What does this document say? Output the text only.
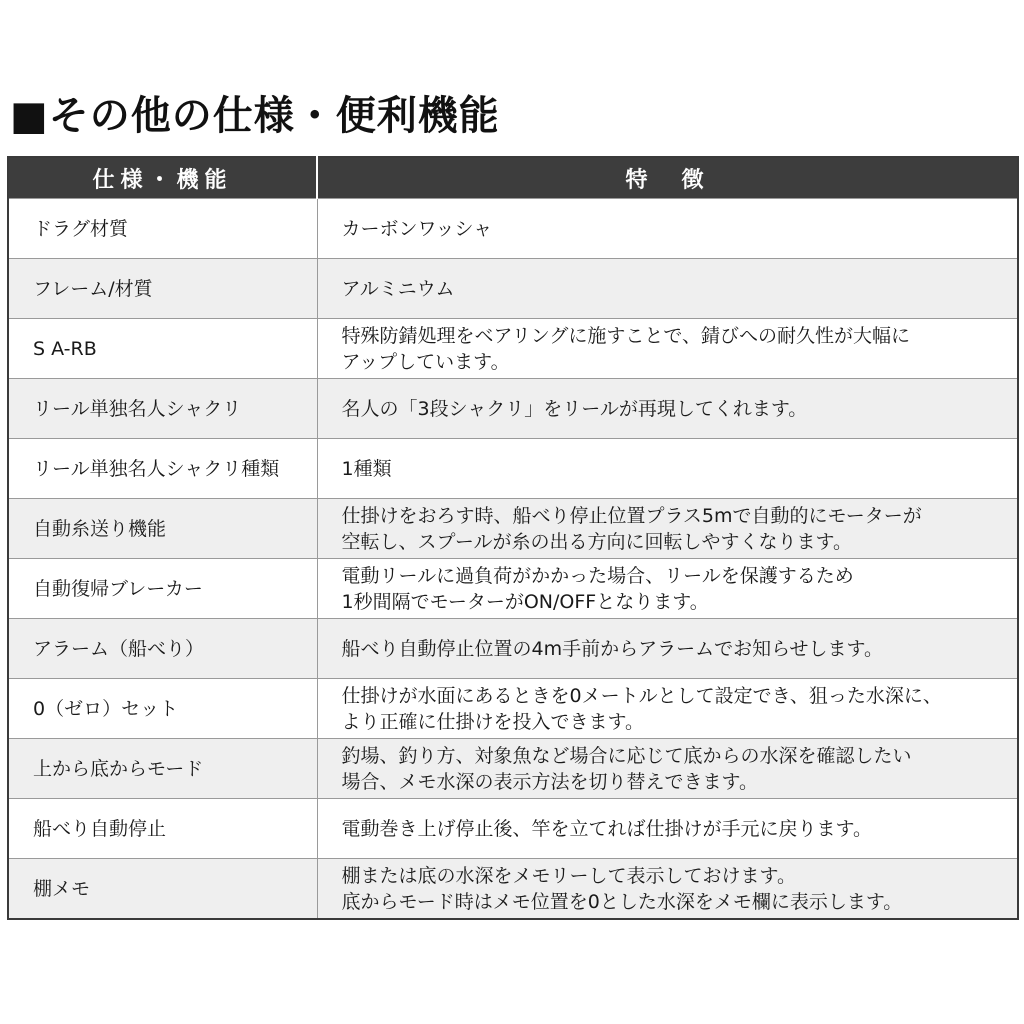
■その他の仕様・便利機能
仕様・機能	特　徴
ドラグ材質	カーボンワッシャ

フレーム/材質	アルミニウム

S A-RB	特殊防錆処理をベアリングに施すことで、錆びへの耐久性が大幅に
アップしています。

リール単独名人シャクリ	名人の「3段シャクリ」をリールが再現してくれます。

リール単独名人シャクリ種類	1種類

自動糸送り機能	仕掛けをおろす時、船べり停止位置プラス5mで自動的にモーターが
空転し、スプールが糸の出る方向に回転しやすくなります。

自動復帰ブレーカー	電動リールに過負荷がかかった場合、リールを保護するため
1秒間隔でモーターがON/OFFとなります。

アラーム（船べり）	船べり自動停止位置の4m手前からアラームでお知らせします。

0（ゼロ）セット	仕掛けが水面にあるときを0メートルとして設定でき、狙った水深に、
より正確に仕掛けを投入できます。

上から底からモード	釣場、釣り方、対象魚など場合に応じて底からの水深を確認したい
場合、メモ水深の表示方法を切り替えできます。

船べり自動停止	電動巻き上げ停止後、竿を立てれば仕掛けが手元に戻ります。

棚メモ	棚または底の水深をメモリーして表示しておけます。
底からモード時はメモ位置を0とした水深をメモ欄に表示します。
